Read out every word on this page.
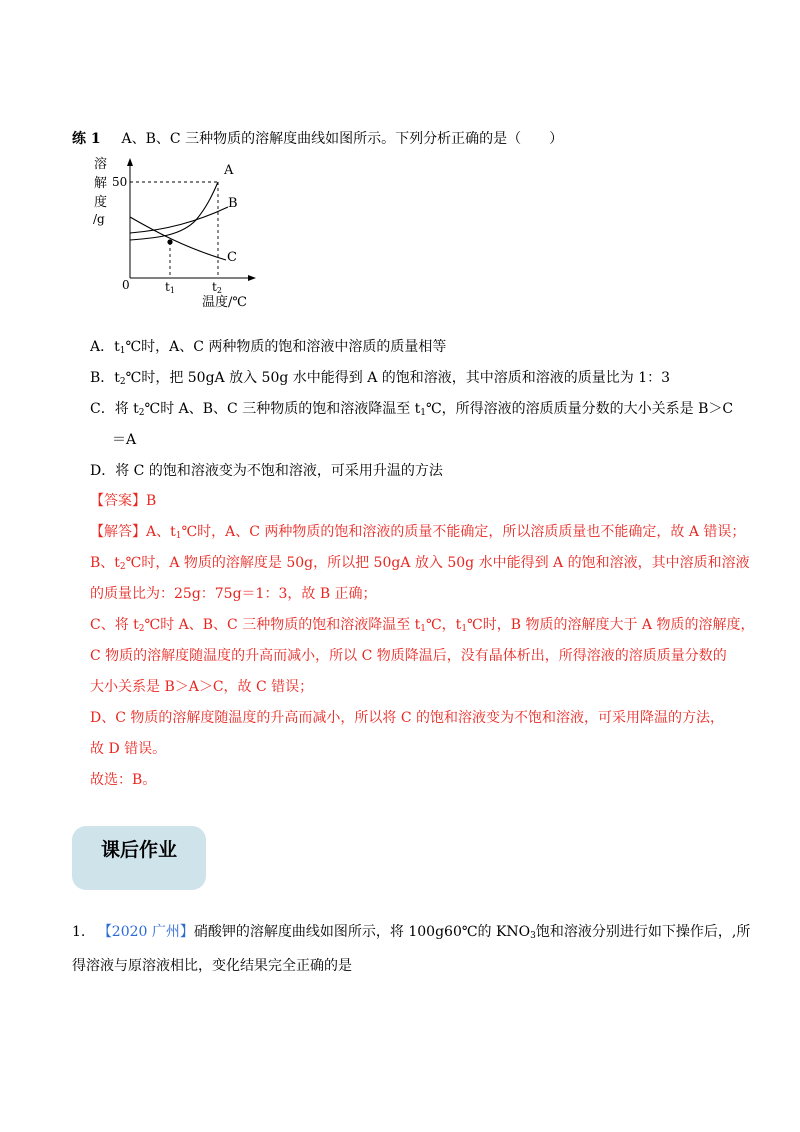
练 1 A、B、C 三种物质的溶解度曲线如图所示。下列分析正确的是（　　）
溶
解
度
/g
50
0
A
B
C
t1	t2
温度/℃
A．$t_1℃$时，A、C 两种物质的饱和溶液中溶质的质量相等
B．$t_2℃$时，把 50gA 放入 50g 水中能得到 A 的饱和溶液，其中溶质和溶液的质量比为 1：3
C．将 $t_2℃$时 A、B、C 三种物质的饱和溶液降温至 $t_1℃$，所得溶液的溶质质量分数的大小关系是 B＞C
＝A
D．将 C 的饱和溶液变为不饱和溶液，可采用升温的方法
【答案】B
【解答】A、$t_1℃$时，A、C 两种物质的饱和溶液的质量不能确定，所以溶质质量也不能确定，故 A 错误；
B、$t_2℃$时，A 物质的溶解度是 50g，所以把 50gA 放入 50g 水中能得到 A 的饱和溶液，其中溶质和溶液
的质量比为：25g：75g＝1：3，故 B 正确；
C、将 $t_2℃$时 A、B、C 三种物质的饱和溶液降温至 $t_1℃$，$t_1℃$时，B 物质的溶解度大于 A 物质的溶解度，
C 物质的溶解度随温度的升高而减小，所以 C 物质降温后，没有晶体析出，所得溶液的溶质质量分数的
大小关系是 B＞A＞C，故 C 错误；
D、C 物质的溶解度随温度的升高而减小，所以将 C 的饱和溶液变为不饱和溶液，可采用降温的方法，
故 D 错误。
故选：B。
课后作业
1. 【2020 广州】硝酸钾的溶解度曲线如图所示，将 100g60℃的 $KNO_3$饱和溶液分别进行如下操作后，,所
得溶液与原溶液相比，变化结果完全正确的是
